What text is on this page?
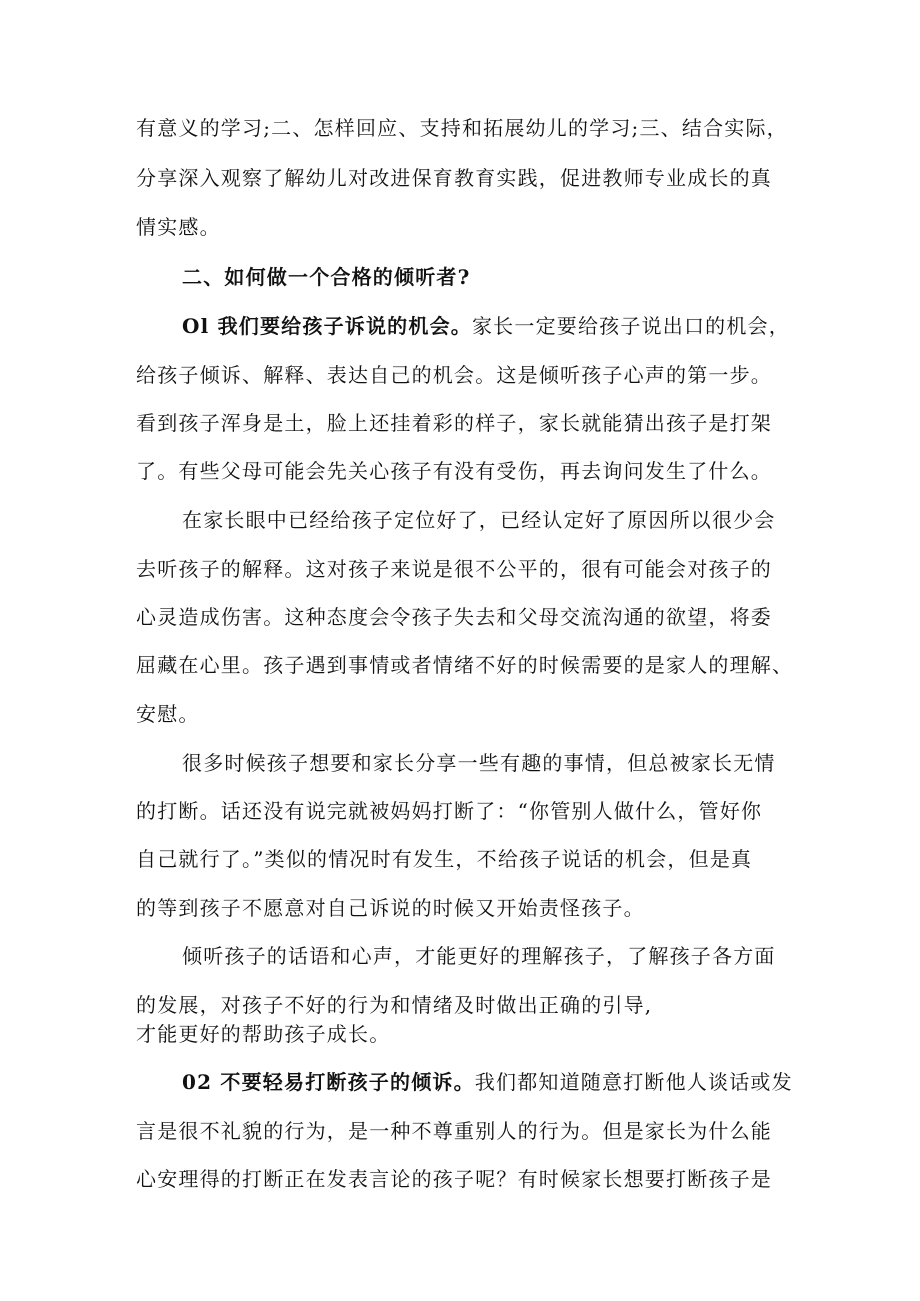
有意义的学习;二、怎样回应、支持和拓展幼儿的学习;三、结合实际，
分享深入观察了解幼儿对改进保育教育实践，促进教师专业成长的真
情实感。
二、如何做一个合格的倾听者?
Ol 我们要给孩子诉说的机会。家长一定要给孩子说出口的机会，
给孩子倾诉、解释、表达自己的机会。这是倾听孩子心声的第一步。
看到孩子浑身是土，脸上还挂着彩的样子，家长就能猜出孩子是打架
了。有些父母可能会先关心孩子有没有受伤，再去询问发生了什么。
在家长眼中已经给孩子定位好了，已经认定好了原因所以很少会
去听孩子的解释。这对孩子来说是很不公平的，很有可能会对孩子的
心灵造成伤害。这种态度会令孩子失去和父母交流沟通的欲望，将委
屈藏在心里。孩子遇到事情或者情绪不好的时候需要的是家人的理解、
安慰。
很多时候孩子想要和家长分享一些有趣的事情，但总被家长无情
的打断。话还没有说完就被妈妈打断了：“你管别人做什么，管好你
自己就行了。”类似的情况时有发生，不给孩子说话的机会，但是真
的等到孩子不愿意对自己诉说的时候又开始责怪孩子。
倾听孩子的话语和心声，才能更好的理解孩子，了解孩子各方面
的发展，对孩子不好的行为和情绪及时做出正确的引导,
才能更好的帮助孩子成长。
02 不要轻易打断孩子的倾诉。我们都知道随意打断他人谈话或发
言是很不礼貌的行为，是一种不尊重别人的行为。但是家长为什么能
心安理得的打断正在发表言论的孩子呢？有时候家长想要打断孩子是
